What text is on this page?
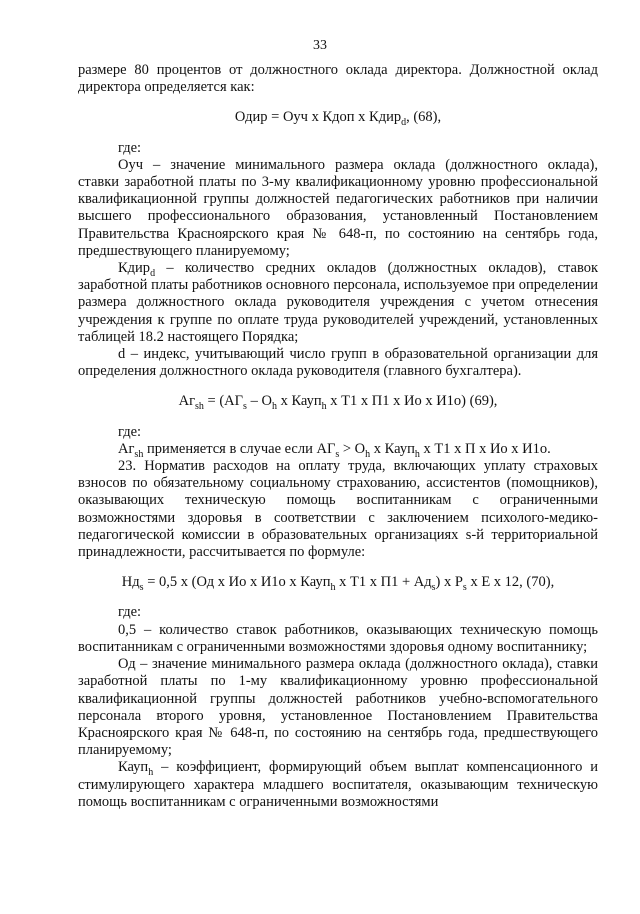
33

размере 80 процентов от должностного оклада директора. Должностной оклад директора определяется как:

Одир = Оуч х Кдоп х Кдир$_d$, (68),

где:

Оуч – значение минимального размера оклада (должностного оклада), ставки заработной платы по 3-му квалификационному уровню профессиональной квалификационной группы должностей педагогических работников при наличии высшего профессионального образования, установленный Постановлением Правительства Красноярского края № 648-п, по состоянию на сентябрь года, предшествующего планируемому;

Кдир$_d$ – количество средних окладов (должностных окладов), ставок заработной платы работников основного персонала, используемое при определении размера должностного оклада руководителя учреждения с учетом отнесения учреждения к группе по оплате труда руководителей учреждений, установленных таблицей 18.2 настоящего Порядка;

d – индекс, учитывающий число групп в образовательной организации для определения должностного оклада руководителя (главного бухгалтера).

$Аг_{sh} = (АГ_s - О_h$ х Кауп$_h$ х Т1 х П1 х Ио х И1о) (69),

где:

$Аг_{sh}$ применяется в случае если $АГ_s > О_h$ х Кауп$_h$ х Т1 х П х Ио х И1о.

23. Норматив расходов на оплату труда, включающих уплату страховых взносов по обязательному социальному страхованию, ассистентов (помощников), оказывающих техническую помощь воспитанникам с ограниченными возможностями здоровья в соответствии с заключением психолого-медико-педагогической комиссии в образовательных организациях s-й территориальной принадлежности, рассчитывается по формуле:

$Нд_s = 0,5$ х (Од х Ио х И1о х Кауп$_h$ х Т1 х $П1 + Ад_s$) х $Р_s$ х Е х 12, (70),

где:

0,5 – количество ставок работников, оказывающих техническую помощь воспитанникам с ограниченными возможностями здоровья одному воспитаннику;

Од – значение минимального размера оклада (должностного оклада), ставки заработной платы по 1-му квалификационному уровню профессиональной квалификационной группы должностей работников учебно-вспомогательного персонала второго уровня, установленное Постановлением Правительства Красноярского края № 648-п, по состоянию на сентябрь года, предшествующего планируемому;

Кауп$_h$ – коэффициент, формирующий объем выплат компенсационного и стимулирующего характера младшего воспитателя, оказывающим техническую помощь воспитанникам с ограниченными возможностями
